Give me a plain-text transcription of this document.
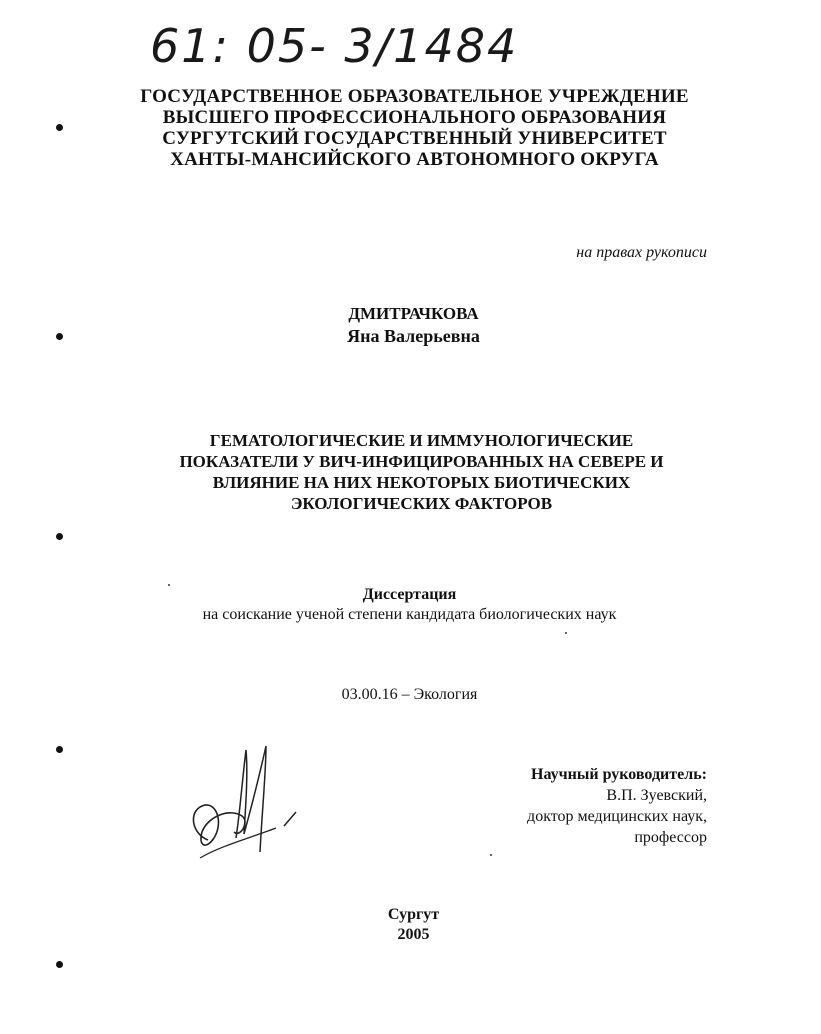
61: 05- 3/1484
ГОСУДАРСТВЕННОЕ ОБРАЗОВАТЕЛЬНОЕ УЧРЕЖДЕНИЕ
ВЫСШЕГО ПРОФЕССИОНАЛЬНОГО ОБРАЗОВАНИЯ
СУРГУТСКИЙ ГОСУДАРСТВЕННЫЙ УНИВЕРСИТЕТ
ХАНТЫ-МАНСИЙСКОГО АВТОНОМНОГО ОКРУГА
на правах рукописи
ДМИТРАЧКОВА
Яна Валерьевна
ГЕМАТОЛОГИЧЕСКИЕ И ИММУНОЛОГИЧЕСКИЕ
ПОКАЗАТЕЛИ У ВИЧ-ИНФИЦИРОВАННЫХ НА СЕВЕРЕ И
ВЛИЯНИЕ НА НИХ НЕКОТОРЫХ БИОТИЧЕСКИХ
ЭКОЛОГИЧЕСКИХ ФАКТОРОВ
Диссертация
на соискание ученой степени кандидата биологических наук
03.00.16 – Экология
Научный руководитель:
В.П. Зуевский,
доктор медицинских наук,
профессор
Сургут
2005
